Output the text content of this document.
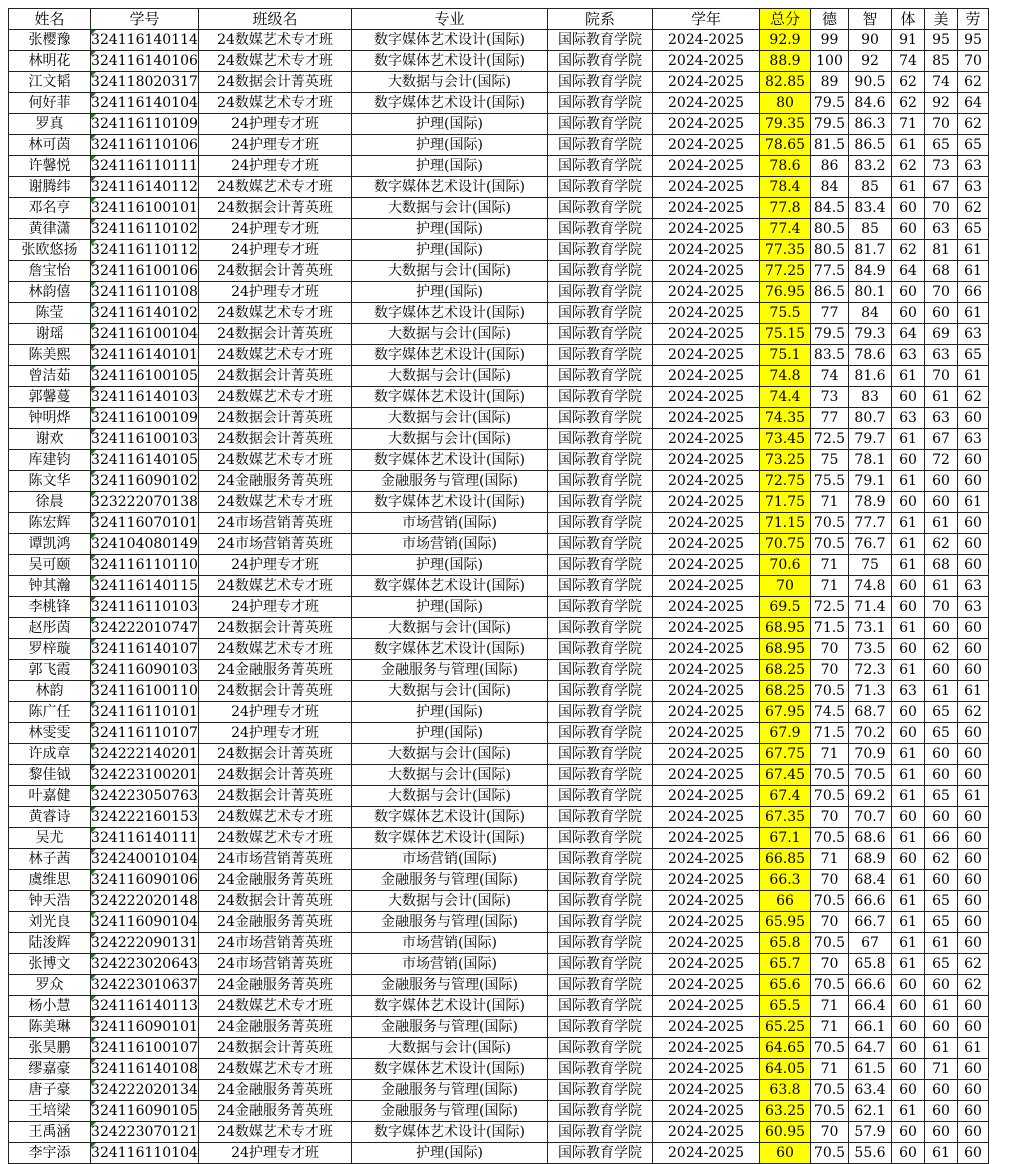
姓名	学号	班级名	专业	院系	学年	总分	德	智	体	美	劳
张樱豫	324116140114	24数媒艺术专才班	数字媒体艺术设计(国际)	国际教育学院	2024-2025	92.9	99	90	91	95	95
林明花	324116140106	24数媒艺术专才班	数字媒体艺术设计(国际)	国际教育学院	2024-2025	88.9	100	92	74	85	70
江文韬	324118020317	24数据会计菁英班	大数据与会计(国际)	国际教育学院	2024-2025	82.85	89	90.5	62	74	62
何好菲	324116140104	24数媒艺术专才班	数字媒体艺术设计(国际)	国际教育学院	2024-2025	80	79.5	84.6	62	92	64
罗真	324116110109	24护理专才班	护理(国际)	国际教育学院	2024-2025	79.35	79.5	86.3	71	70	62
林可茵	324116110106	24护理专才班	护理(国际)	国际教育学院	2024-2025	78.65	81.5	86.5	61	65	65
许馨悦	324116110111	24护理专才班	护理(国际)	国际教育学院	2024-2025	78.6	86	83.2	62	73	63
谢腾纬	324116140112	24数媒艺术专才班	数字媒体艺术设计(国际)	国际教育学院	2024-2025	78.4	84	85	61	67	63
邓名亨	324116100101	24数据会计菁英班	大数据与会计(国际)	国际教育学院	2024-2025	77.8	84.5	83.4	60	70	62
黄律潇	324116110102	24护理专才班	护理(国际)	国际教育学院	2024-2025	77.4	80.5	85	60	63	65
张欧悠扬	324116110112	24护理专才班	护理(国际)	国际教育学院	2024-2025	77.35	80.5	81.7	62	81	61
詹宝怡	324116100106	24数据会计菁英班	大数据与会计(国际)	国际教育学院	2024-2025	77.25	77.5	84.9	64	68	61
林韵僖	324116110108	24护理专才班	护理(国际)	国际教育学院	2024-2025	76.95	86.5	80.1	60	70	66
陈莹	324116140102	24数媒艺术专才班	数字媒体艺术设计(国际)	国际教育学院	2024-2025	75.5	77	84	60	60	61
谢瑶	324116100104	24数据会计菁英班	大数据与会计(国际)	国际教育学院	2024-2025	75.15	79.5	79.3	64	69	63
陈美熙	324116140101	24数媒艺术专才班	数字媒体艺术设计(国际)	国际教育学院	2024-2025	75.1	83.5	78.6	63	63	65
曾洁茹	324116100105	24数据会计菁英班	大数据与会计(国际)	国际教育学院	2024-2025	74.8	74	81.6	61	70	61
郭馨蔓	324116140103	24数媒艺术专才班	数字媒体艺术设计(国际)	国际教育学院	2024-2025	74.4	73	83	60	61	62
钟明烨	324116100109	24数据会计菁英班	大数据与会计(国际)	国际教育学院	2024-2025	74.35	77	80.7	63	63	60
谢欢	324116100103	24数据会计菁英班	大数据与会计(国际)	国际教育学院	2024-2025	73.45	72.5	79.7	61	67	63
库建钧	324116140105	24数媒艺术专才班	数字媒体艺术设计(国际)	国际教育学院	2024-2025	73.25	75	78.1	60	72	60
陈文华	324116090102	24金融服务菁英班	金融服务与管理(国际)	国际教育学院	2024-2025	72.75	75.5	79.1	61	60	60
徐晨	323222070138	24数媒艺术专才班	数字媒体艺术设计(国际)	国际教育学院	2024-2025	71.75	71	78.9	60	60	61
陈宏辉	324116070101	24市场营销菁英班	市场营销(国际)	国际教育学院	2024-2025	71.15	70.5	77.7	61	61	60
谭凯鸿	324104080149	24市场营销菁英班	市场营销(国际)	国际教育学院	2024-2025	70.75	70.5	76.7	61	62	60
吴可颐	324116110110	24护理专才班	护理(国际)	国际教育学院	2024-2025	70.6	71	75	61	68	60
钟其瀚	324116140115	24数媒艺术专才班	数字媒体艺术设计(国际)	国际教育学院	2024-2025	70	71	74.8	60	61	63
李桃锋	324116110103	24护理专才班	护理(国际)	国际教育学院	2024-2025	69.5	72.5	71.4	60	70	63
赵彤茵	324222010747	24数据会计菁英班	大数据与会计(国际)	国际教育学院	2024-2025	68.95	71.5	73.1	61	60	60
罗梓璇	324116140107	24数媒艺术专才班	数字媒体艺术设计(国际)	国际教育学院	2024-2025	68.95	70	73.5	60	62	60
郭飞霞	324116090103	24金融服务菁英班	金融服务与管理(国际)	国际教育学院	2024-2025	68.25	70	72.3	61	60	60
林韵	324116100110	24数据会计菁英班	大数据与会计(国际)	国际教育学院	2024-2025	68.25	70.5	71.3	63	61	61
陈广任	324116110101	24护理专才班	护理(国际)	国际教育学院	2024-2025	67.95	74.5	68.7	60	65	62
林雯雯	324116110107	24护理专才班	护理(国际)	国际教育学院	2024-2025	67.9	71.5	70.2	60	65	60
许成章	324222140201	24数据会计菁英班	大数据与会计(国际)	国际教育学院	2024-2025	67.75	71	70.9	61	60	60
黎佳钺	324223100201	24数据会计菁英班	大数据与会计(国际)	国际教育学院	2024-2025	67.45	70.5	70.5	61	60	60
叶嘉健	324223050763	24数据会计菁英班	大数据与会计(国际)	国际教育学院	2024-2025	67.4	70.5	69.2	61	65	61
黄睿诗	324222160153	24数媒艺术专才班	数字媒体艺术设计(国际)	国际教育学院	2024-2025	67.35	70	70.7	60	60	60
吴尤	324116140111	24数媒艺术专才班	数字媒体艺术设计(国际)	国际教育学院	2024-2025	67.1	70.5	68.6	61	66	60
林子茜	324240010104	24市场营销菁英班	市场营销(国际)	国际教育学院	2024-2025	66.85	71	68.9	60	62	60
虞维思	324116090106	24金融服务菁英班	金融服务与管理(国际)	国际教育学院	2024-2025	66.3	70	68.4	61	60	60
钟天浩	324222020148	24数据会计菁英班	大数据与会计(国际)	国际教育学院	2024-2025	66	70.5	66.6	61	65	60
刘光良	324116090104	24金融服务菁英班	金融服务与管理(国际)	国际教育学院	2024-2025	65.95	70	66.7	61	65	60
陆浚辉	324222090131	24市场营销菁英班	市场营销(国际)	国际教育学院	2024-2025	65.8	70.5	67	61	61	60
张博文	324223020643	24市场营销菁英班	市场营销(国际)	国际教育学院	2024-2025	65.7	70	65.8	61	65	62
罗众	324223010637	24金融服务菁英班	金融服务与管理(国际)	国际教育学院	2024-2025	65.6	70.5	66.6	60	60	62
杨小慧	324116140113	24数媒艺术专才班	数字媒体艺术设计(国际)	国际教育学院	2024-2025	65.5	71	66.4	60	61	60
陈美琳	324116090101	24金融服务菁英班	金融服务与管理(国际)	国际教育学院	2024-2025	65.25	71	66.1	60	60	60
张昊鹏	324116100107	24数据会计菁英班	大数据与会计(国际)	国际教育学院	2024-2025	64.65	70.5	64.7	60	61	61
缪嘉豪	324116140108	24数媒艺术专才班	数字媒体艺术设计(国际)	国际教育学院	2024-2025	64.05	71	61.5	60	71	60
唐子豪	324222020134	24金融服务菁英班	金融服务与管理(国际)	国际教育学院	2024-2025	63.8	70.5	63.4	60	60	60
王培梁	324116090105	24金融服务菁英班	金融服务与管理(国际)	国际教育学院	2024-2025	63.25	70.5	62.1	61	60	60
王禹涵	324223070121	24数媒艺术专才班	数字媒体艺术设计(国际)	国际教育学院	2024-2025	60.95	70	57.9	60	60	60
李宇添	324116110104	24护理专才班	护理(国际)	国际教育学院	2024-2025	60	70.5	55.6	60	61	60
